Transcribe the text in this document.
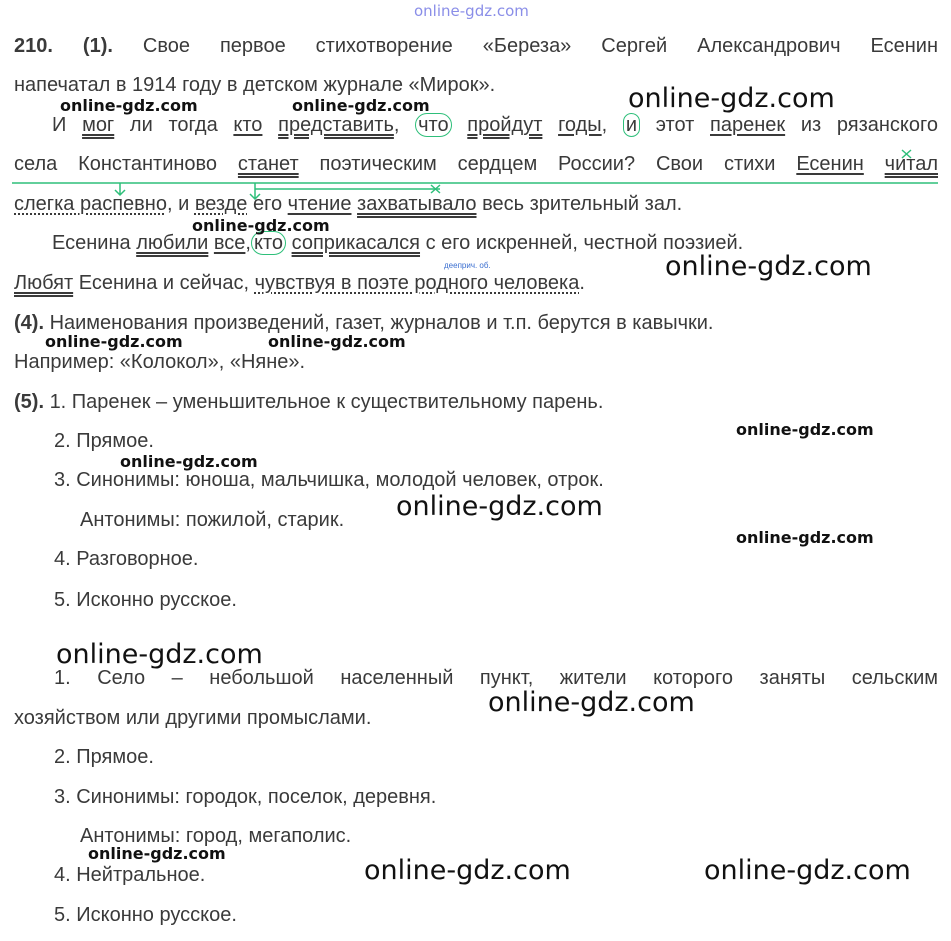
online-gdz.com
210. (1). Свое первое стихотворение «Береза» Сергей Александрович Есенин
напечатал в 1914 году в детском журнале «Мирок».
И мог ли тогда кто представить, что пройдут годы, и этот паренек из рязанского
села Константиново станет поэтическим сердцем России? Свои стихи Есенин читал
слегка распевно, и везде его чтение захватывало весь зрительный зал.
Есенина любили все, кто соприкасался с его искренней, честной поэзией.
дееприч. об.
Любят Есенина и сейчас, чувствуя в поэте родного человека.
(4). Наименования произведений, газет, журналов и т.п. берутся в кавычки.
Например: «Колокол», «Няне».
(5). 1. Паренек – уменьшительное к существительному парень.
2. Прямое.
3. Синонимы: юноша, мальчишка, молодой человек, отрок.
Антонимы: пожилой, старик.
4. Разговорное.
5. Исконно русское.
1. Село – небольшой населенный пункт, жители которого заняты сельским
хозяйством или другими промыслами.
2. Прямое.
3. Синонимы: городок, поселок, деревня.
Антонимы: город, мегаполис.
4. Нейтральное.
5. Исконно русское.
online-gdz.com	online-gdz.com	online-gdz.com
online-gdz.com
online-gdz.com
online-gdz.com	online-gdz.com
online-gdz.com
online-gdz.com
online-gdz.com
online-gdz.com
online-gdz.com
online-gdz.com
online-gdz.com
online-gdz.com	online-gdz.com
